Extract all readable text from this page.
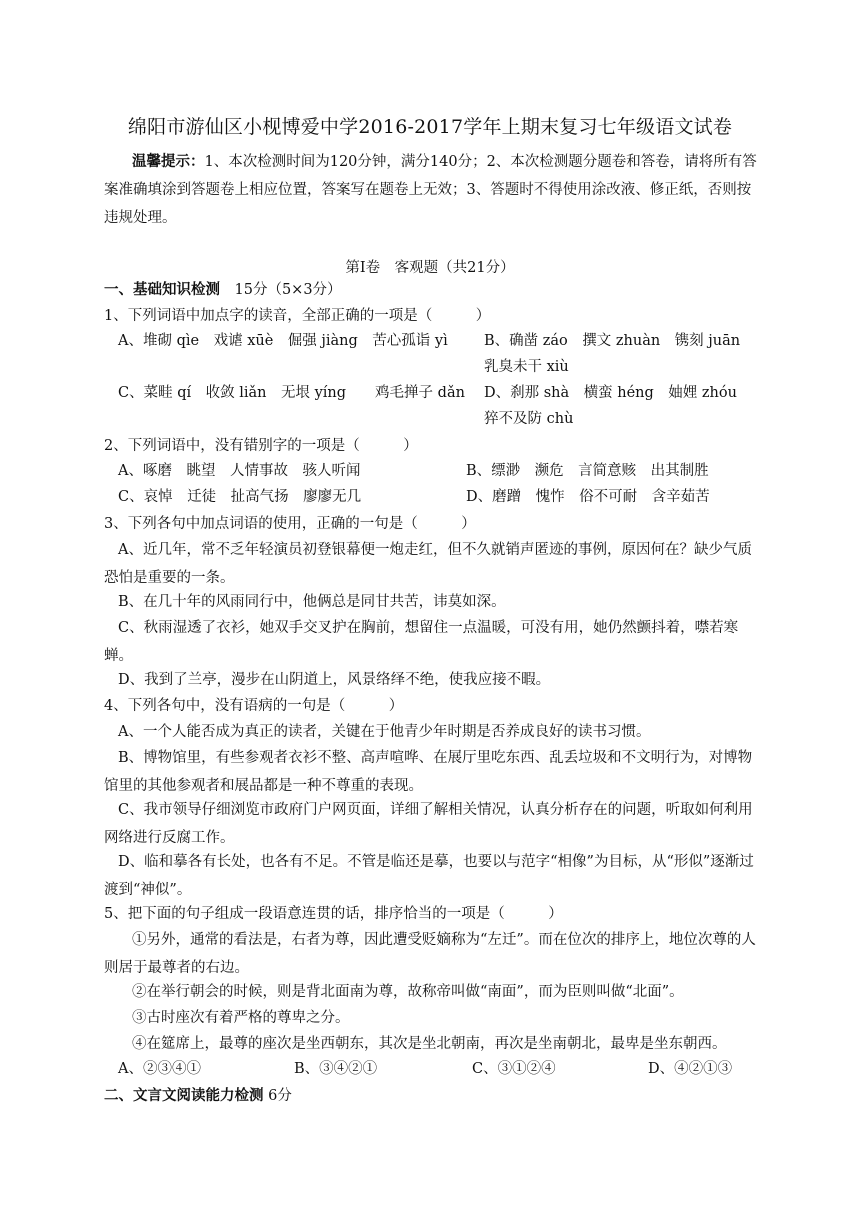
绵阳市游仙区小枧博爱中学2016-2017学年上期末复习七年级语文试卷
温馨提示：1、本次检测时间为120分钟，满分140分；2、本次检测题分题卷和答卷，请将所有答案准确填涂到答题卷上相应位置，答案写在题卷上无效；3、答题时不得使用涂改液、修正纸，否则按违规处理。
第Ⅰ卷　客观题（共21分）
一、基础知识检测　15分（5×3分）
1、下列词语中加点字的读音，全部正确的一项是（　　　）
A、堆砌 qìe　戏谑 xūè　倔强 jiàng　苦心孤诣 yì	B、确凿 záo　撰文 zhuàn　镌刻 juān　　乳臭未干 xiù
C、菜畦 qí　收敛 liǎn　无垠 yíng　　鸡毛掸子 dǎn	D、刹那 shà　横蛮 héng　妯娌 zhóu　猝不及防 chù
2、下列词语中，没有错别字的一项是（　　　）
A、啄磨　眺望　人情事故　骇人听闻	B、缥渺　濒危　言简意赅　出其制胜
C、哀悼　迁徒　扯高气扬　廖廖无几	D、磨蹭　愧怍　俗不可耐　含辛茹苦
3、下列各句中加点词语的使用，正确的一句是（　　　）
A、近几年，常不乏年轻演员初登银幕便一炮走红，但不久就销声匿迹的事例，原因何在？缺少气质恐怕是重要的一条。
B、在几十年的风雨同行中，他俩总是同甘共苦，讳莫如深。
C、秋雨湿透了衣衫，她双手交叉护在胸前，想留住一点温暖，可没有用，她仍然颤抖着，噤若寒蝉。
D、我到了兰亭，漫步在山阴道上，风景络绎不绝，使我应接不暇。
4、下列各句中，没有语病的一句是（　　　）
A、一个人能否成为真正的读者，关键在于他青少年时期是否养成良好的读书习惯。
B、博物馆里，有些参观者衣衫不整、高声喧哗、在展厅里吃东西、乱丢垃圾和不文明行为，对博物馆里的其他参观者和展品都是一种不尊重的表现。
C、我市领导仔细浏览市政府门户网页面，详细了解相关情况，认真分析存在的问题，听取如何利用网络进行反腐工作。
D、临和摹各有长处，也各有不足。不管是临还是摹，也要以与范字“相像”为目标，从“形似”逐渐过渡到“神似”。
5、把下面的句子组成一段语意连贯的话，排序恰当的一项是（　　　）
①另外，通常的看法是，右者为尊，因此遭受贬嫡称为“左迁”。而在位次的排序上，地位次尊的人则居于最尊者的右边。
②在举行朝会的时候，则是背北面南为尊，故称帝叫做“南面”，而为臣则叫做“北面”。
③古时座次有着严格的尊卑之分。
④在筵席上，最尊的座次是坐西朝东，其次是坐北朝南，再次是坐南朝北，最卑是坐东朝西。
A、②③④①	B、③④②①	C、③①②④	D、④②①③
二、文言文阅读能力检测 6分
